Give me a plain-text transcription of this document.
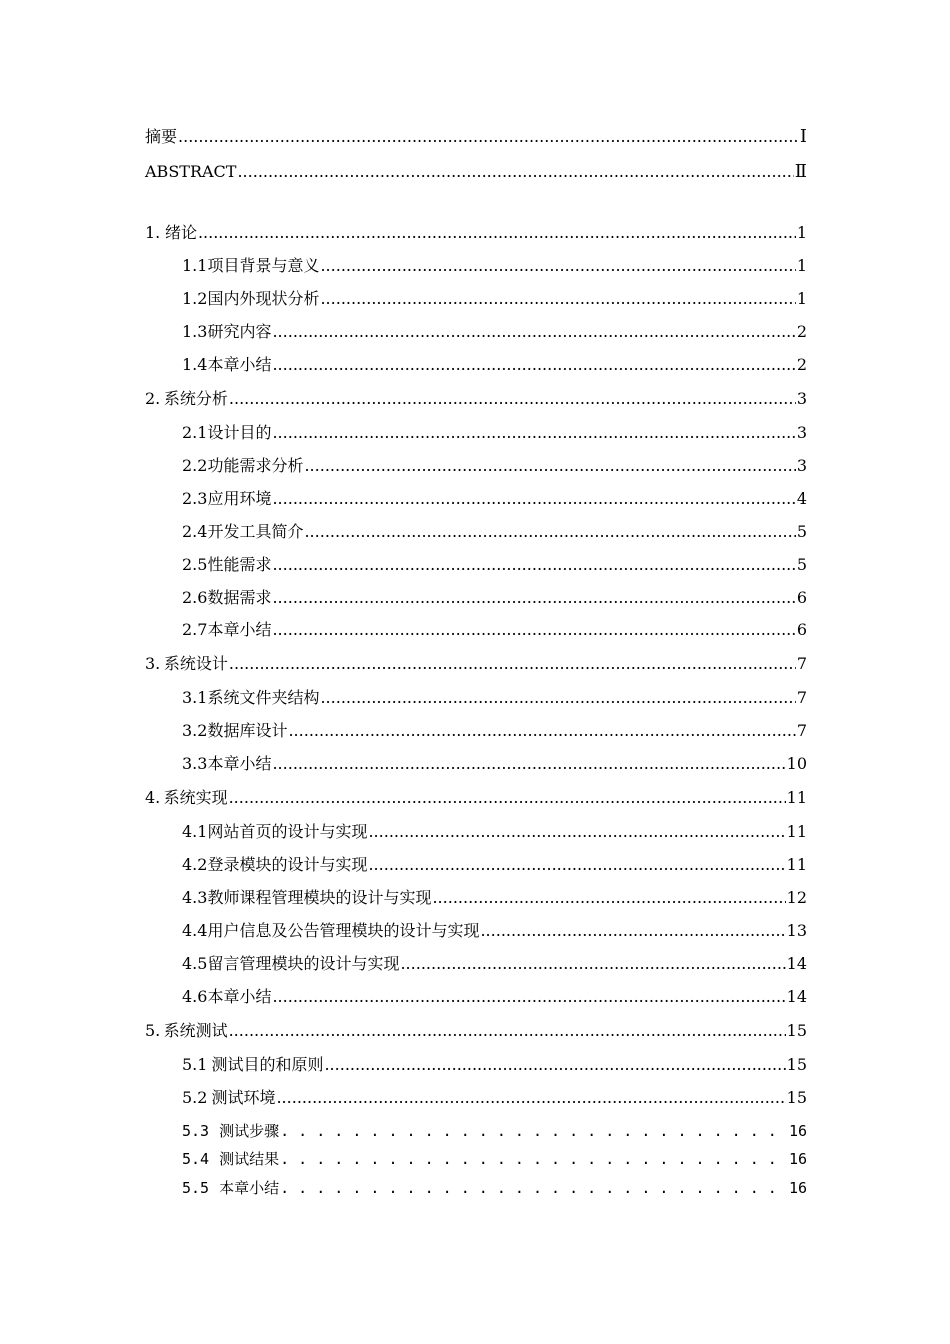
摘要 .....	Ⅰ
ABSTRACT .....	Ⅱ
1. 绪论 .....	1
1.1 项目背景与意义 .....	1
1.2 国内外现状分析 .....	1
1.3 研究内容 .....	2
1.4 本章小结 .....	2
2. 系统分析 .....	3
2.1 设计目的 .....	3
2.2 功能需求分析 .....	3
2.3 应用环境 .....	4
2.4 开发工具简介 .....	5
2.5 性能需求 .....	5
2.6 数据需求 .....	6
2.7 本章小结 .....	6
3. 系统设计 .....	7
3.1 系统文件夹结构 .....	7
3.2 数据库设计 .....	7
3.3 本章小结 .....	10
4. 系统实现 .....	11
4.1 网站首页的设计与实现 .....	11
4.2 登录模块的设计与实现 .....	11
4.3 教师课程管理模块的设计与实现 .....	12
4.4 用户信息及公告管理模块的设计与实现 .....	13
4.5 留言管理模块的设计与实现 .....	14
4.6 本章小结 .....	14
5. 系统测试 .....	15
5.1 测试目的和原则 .....	15
5.2 测试环境 .....	15
5.3 测试步骤 . . .	16
5.4 测试结果 . . .	16
5.5 本章小结 . . .	16
